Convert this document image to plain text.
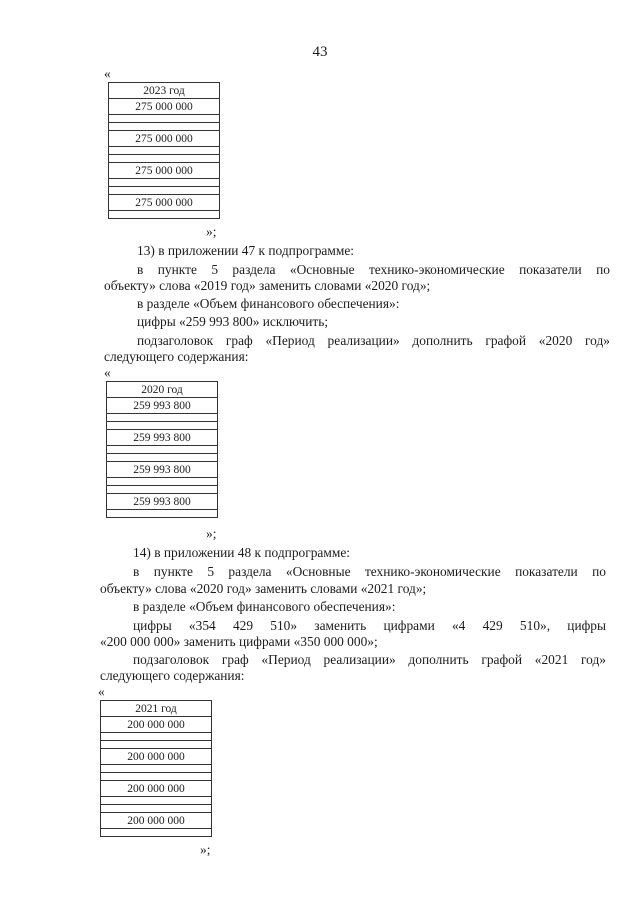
43
«
2023 год
275 000 000

275 000 000

275 000 000

275 000 000

»;
13) в приложении 47 к подпрограмме:
в пункте 5 раздела «Основные технико-экономические показатели по
объекту» слова «2019 год» заменить словами «2020 год»;
в разделе «Объем финансового обеспечения»:
цифры «259 993 800» исключить;
подзаголовок граф «Период реализации» дополнить графой «2020 год»
следующего содержания:
«
2020 год
259 993 800

259 993 800

259 993 800

259 993 800

»;
14) в приложении 48 к подпрограмме:
в пункте 5 раздела «Основные технико-экономические показатели по
объекту» слова «2020 год» заменить словами «2021 год»;
в разделе «Объем финансового обеспечения»:
цифры «354 429 510» заменить цифрами «4 429 510», цифры
«200 000 000» заменить цифрами «350 000 000»;
подзаголовок граф «Период реализации» дополнить графой «2021 год»
следующего содержания:
«
2021 год
200 000 000

200 000 000

200 000 000

200 000 000

»;
